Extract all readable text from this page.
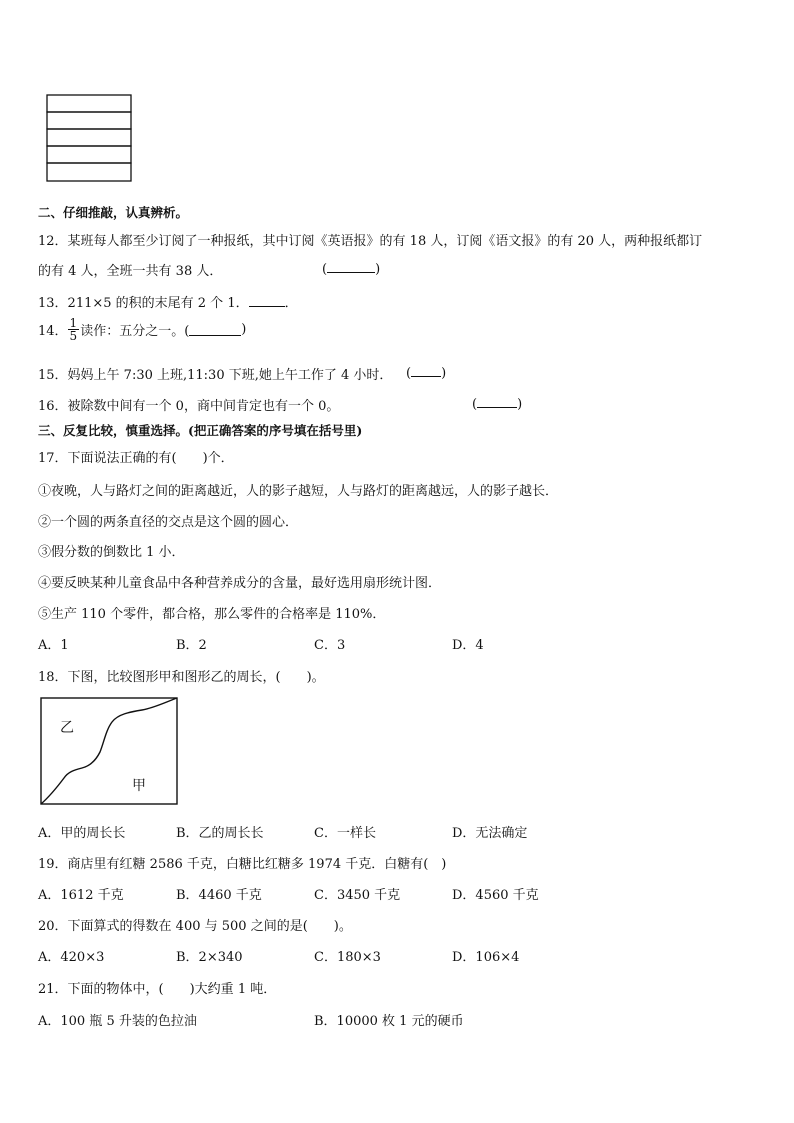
二、仔细推敲，认真辨析。
12．某班每人都至少订阅了一种报纸，其中订阅《英语报》的有 18 人，订阅《语文报》的有 20 人，两种报纸都订
的有 4 人，全班一共有 38 人．	(	)
13．211×5 的积的末尾有 2 个 1．	．
14． $\frac{1}{5}$ 读作：五分之一。(	)
15．妈妈上午 7:30 上班,11:30 下班,她上午工作了 4 小时． ( )
16．被除数中间有一个 0，商中间肯定也有一个 0。	(	)
三、反复比较，慎重选择。(把正确答案的序号填在括号里)
17．下面说法正确的有(　　)个．
①夜晚，人与路灯之间的距离越近，人的影子越短，人与路灯的距离越远，人的影子越长．
②一个圆的两条直径的交点是这个圆的圆心．
③假分数的倒数比 1 小．
④要反映某种儿童食品中各种营养成分的含量，最好选用扇形统计图．
⑤生产 110 个零件，都合格，那么零件的合格率是 110%．
A．1	B．2	C．3	D．4
18．下图，比较图形甲和图形乙的周长，(　　)。
乙
甲
A．甲的周长长	B．乙的周长长	C．一样长	D．无法确定
19．商店里有红糖 2586 千克，白糖比红糖多 1974 千克．白糖有(　)
A．1612 千克	B．4460 千克	C．3450 千克	D．4560 千克
20．下面算式的得数在 400 与 500 之间的是(　　)。
A．420×3	B．2×340	C．180×3	D．106×4
21．下面的物体中，(　　)大约重 1 吨．
A．100 瓶 5 升装的色拉油	B．10000 枚 1 元的硬币
